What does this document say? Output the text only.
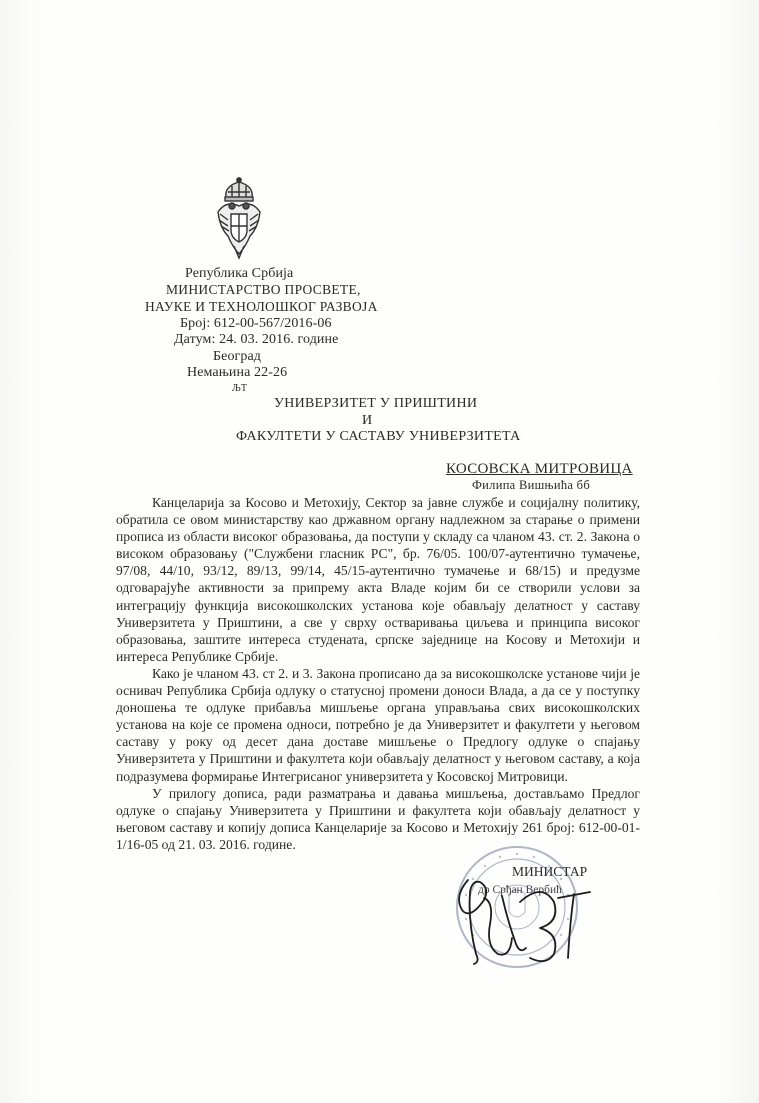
Република Србија
МИНИСТАРСТВО ПРОСВЕТЕ,
НАУКЕ И ТЕХНОЛОШКОГ РАЗВОЈА
Број: 612-00-567/2016-06
Датум: 24. 03. 2016. године
Београд
Немањина 22-26
ЉТ
УНИВЕРЗИТЕТ У ПРИШТИНИ
И
ФАКУЛТЕТИ У САСТАВУ УНИВЕРЗИТЕТА
КОСОВСКА МИТРОВИЦА
Филипа Вишњића бб

Канцеларија за Косово и Метохију, Сектор за јавне службе и социјалну политику, обратила се овом министарству као државном органу надлежном за старање о примени прописа из области високог образовања, да поступи у складу са чланом 43. ст. 2. Закона о високом образовању ("Службени гласник РС", бр. 76/05. 100/07-аутентично тумачење, 97/08, 44/10, 93/12, 89/13, 99/14, 45/15-аутентично тумачење и 68/15) и предузме одговарајуће активности за припрему акта Владе којим би се створили услови за интеграцију функција високошколских установа које обављају делатност у саставу Универзитета у Приштини, а све у сврху остваривања циљева и принципа високог образовања, заштите интереса студената, српске заједнице на Косову и Метохији и интереса Републике Србије.

Како је чланом 43. ст 2. и 3. Закона прописано да за високошколске установе чији је оснивач Република Србија одлуку о статусној промени доноси Влада, а да се у поступку доношења те одлуке прибавља мишљење органа управљања свих високошколских установа на које се промена односи, потребно је да Универзитет и факултети у његовом саставу у року од десет дана доставе мишљење о Предлогу одлуке о спајању Универзитета у Приштини и факултета који обављају делатност у његовом саставу, а која подразумева формирање Интегрисаног универзитета у Косовској Митровици.

У прилогу дописа, ради разматрања и давања мишљења, достављамо Предлог одлуке о спајању Универзитета у Приштини и факултета који обављају делатност у његовом саставу и копију дописа Канцеларије за Косово и Метохију 261 број: 612-00-01-1/16-05 од 21. 03. 2016. године.

МИНИСТАР
др Срђан Вербић
